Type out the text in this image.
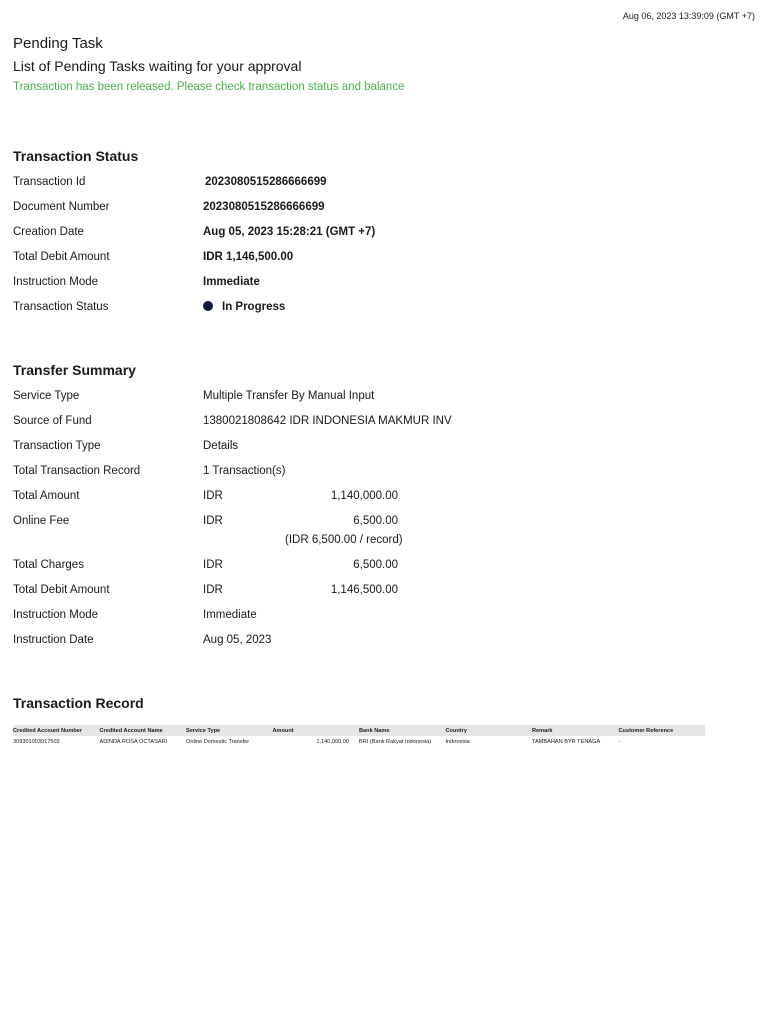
Aug 06, 2023 13:39:09 (GMT +7)
Pending Task

List of Pending Tasks waiting for your approval

Transaction has been released. Please check transaction status and balance

Transaction Status
Transaction Id	2023080515286666699
Document Number	2023080515286666699
Creation Date	Aug 05, 2023 15:28:21 (GMT +7)
Total Debit Amount	IDR 1,146,500.00
Instruction Mode	Immediate
Transaction Status	In Progress
Transfer Summary
Service Type	Multiple Transfer By Manual Input
Source of Fund	1380021808642 IDR INDONESIA MAKMUR INV
Transaction Type	Details
Total Transaction Record	1 Transaction(s)
Total Amount	IDR	1,140,000.00
Online Fee	IDR	6,500.00
(IDR 6,500.00 / record)
Total Charges	IDR	6,500.00
Total Debit Amount	IDR	1,146,500.00
Instruction Mode	Immediate
Instruction Date	Aug 05, 2023
Transaction Record
Credited Account Number	Credited Account Name	Service Type	Amount	Bank Name	Country	Remark	Customer Reference
309301003917503	ADINDA ROSA OCTASARI	Online Domestic Transfer	1,140,000.00	BRI (Bank Rakyat Indonesia)	Indonesia	TAMBAHAN BYR TENAGA	-
